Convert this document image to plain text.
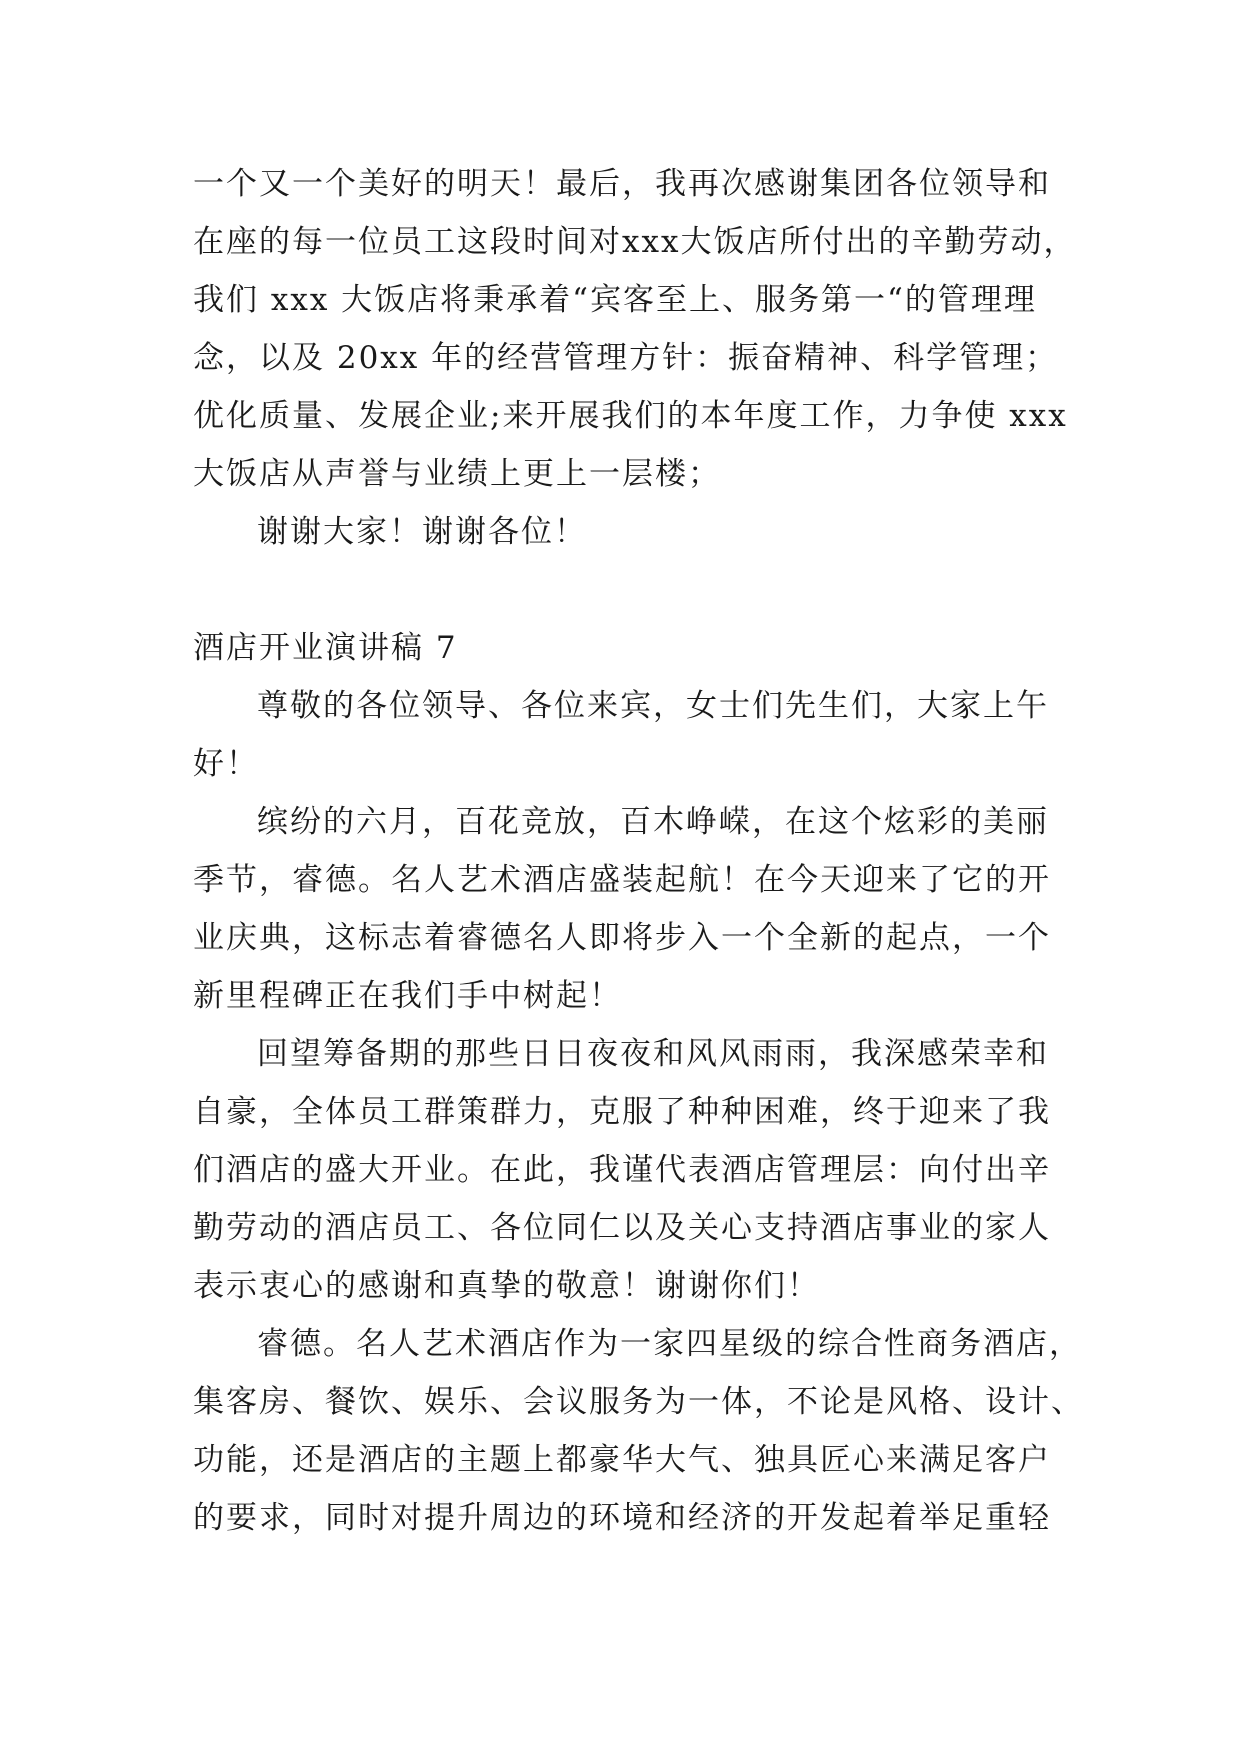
一个又一个美好的明天！最后，我再次感谢集团各位领导和
在座的每一位员工这段时间对xxx大饭店所付出的辛勤劳动，
我们 xxx 大饭店将秉承着“宾客至上、服务第一“的管理理
念，以及 20xx 年的经营管理方针：振奋精神、科学管理；
优化质量、发展企业;来开展我们的本年度工作，力争使 xxx
大饭店从声誉与业绩上更上一层楼；
谢谢大家！谢谢各位！
酒店开业演讲稿 7
尊敬的各位领导、各位来宾，女士们先生们，大家上午
好！
缤纷的六月，百花竞放，百木峥嵘，在这个炫彩的美丽
季节，睿德。名人艺术酒店盛装起航！在今天迎来了它的开
业庆典，这标志着睿德名人即将步入一个全新的起点，一个
新里程碑正在我们手中树起！
回望筹备期的那些日日夜夜和风风雨雨，我深感荣幸和
自豪，全体员工群策群力，克服了种种困难，终于迎来了我
们酒店的盛大开业。在此，我谨代表酒店管理层：向付出辛
勤劳动的酒店员工、各位同仁以及关心支持酒店事业的家人
表示衷心的感谢和真挚的敬意！谢谢你们！
睿德。名人艺术酒店作为一家四星级的综合性商务酒店，
集客房、餐饮、娱乐、会议服务为一体，不论是风格、设计、
功能，还是酒店的主题上都豪华大气、独具匠心来满足客户
的要求，同时对提升周边的环境和经济的开发起着举足重轻
